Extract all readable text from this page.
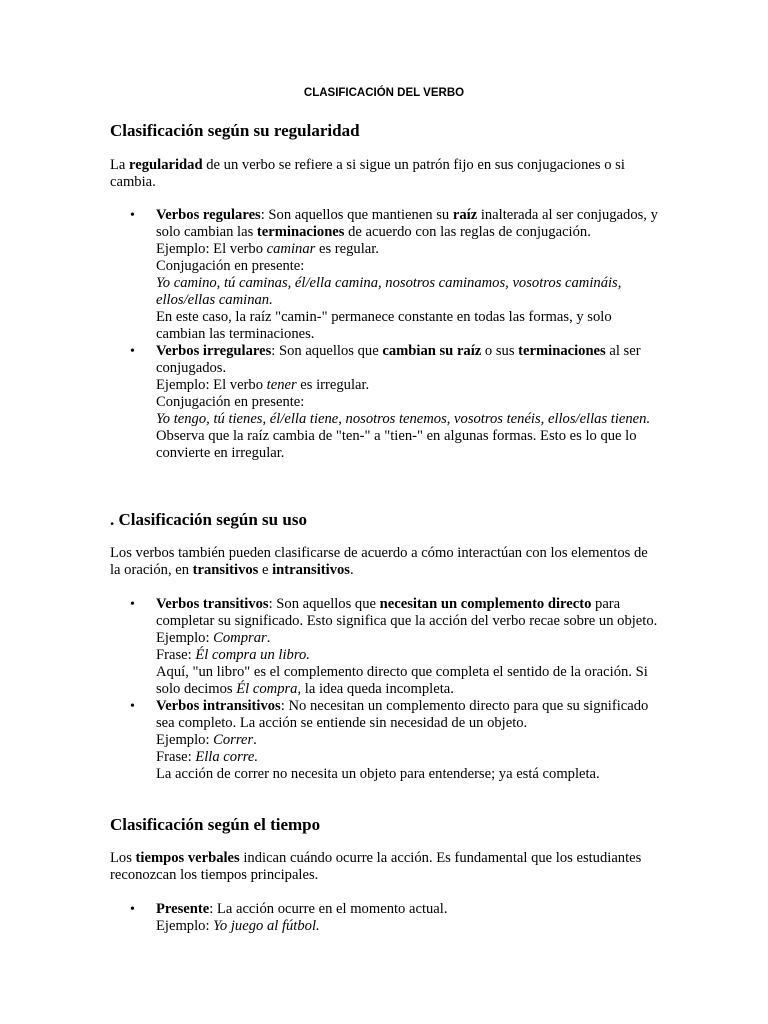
CLASIFICACIÓN DEL VERBO
Clasificación según su regularidad

La regularidad de un verbo se refiere a si sigue un patrón fijo en sus conjugaciones o si cambia.

• Verbos regulares: Son aquellos que mantienen su raíz inalterada al ser conjugados, y solo cambian las terminaciones de acuerdo con las reglas de conjugación.
Ejemplo: El verbo caminar es regular.
Conjugación en presente:
Yo camino, tú caminas, él/ella camina, nosotros caminamos, vosotros camináis, ellos/ellas caminan.
En este caso, la raíz "camin-" permanece constante en todas las formas, y solo cambian las terminaciones.
• Verbos irregulares: Son aquellos que cambian su raíz o sus terminaciones al ser conjugados.
Ejemplo: El verbo tener es irregular.
Conjugación en presente:
Yo tengo, tú tienes, él/ella tiene, nosotros tenemos, vosotros tenéis, ellos/ellas tienen.
Observa que la raíz cambia de "ten-" a "tien-" en algunas formas. Esto es lo que lo convierte en irregular.
. Clasificación según su uso

Los verbos también pueden clasificarse de acuerdo a cómo interactúan con los elementos de la oración, en transitivos e intransitivos.

• Verbos transitivos: Son aquellos que necesitan un complemento directo para completar su significado. Esto significa que la acción del verbo recae sobre un objeto.
Ejemplo: Comprar.
Frase: Él compra un libro.
Aquí, "un libro" es el complemento directo que completa el sentido de la oración. Si solo decimos Él compra, la idea queda incompleta.
• Verbos intransitivos: No necesitan un complemento directo para que su significado sea completo. La acción se entiende sin necesidad de un objeto.
Ejemplo: Correr.
Frase: Ella corre.
La acción de correr no necesita un objeto para entenderse; ya está completa.
Clasificación según el tiempo

Los tiempos verbales indican cuándo ocurre la acción. Es fundamental que los estudiantes reconozcan los tiempos principales.

• Presente: La acción ocurre en el momento actual.
Ejemplo: Yo juego al fútbol.
